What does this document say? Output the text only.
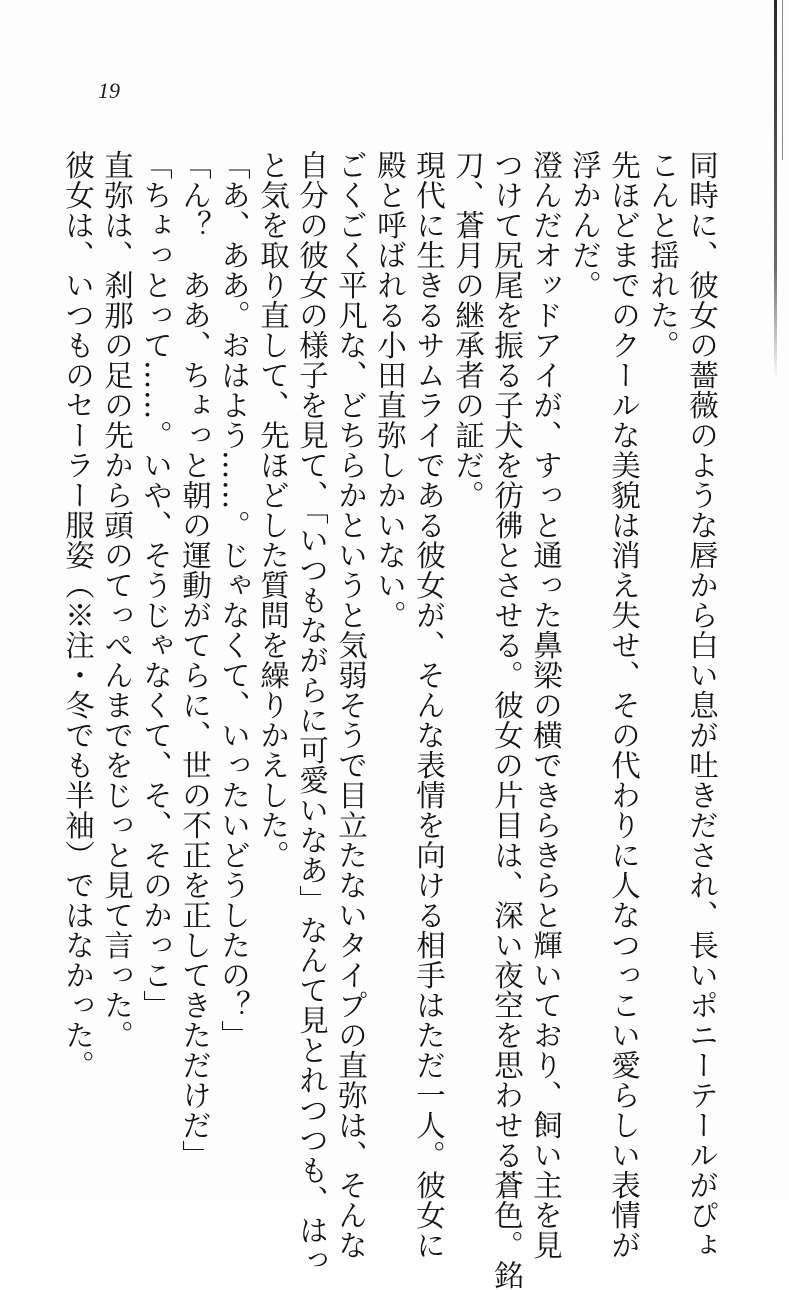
19
同時に、彼女の薔薇のような唇から白い息が吐きだされ、長いポニーテールがぴょ
こんと揺れた。
先ほどまでのクールな美貌は消え失せ、その代わりに人なつっこい愛らしい表情が
浮かんだ。
澄んだオッドアイが、すっと通った鼻梁の横できらきらと輝いており、飼い主を見
つけて尻尾を振る子犬を彷彿とさせる。彼女の片目は、深い夜空を思わせる蒼色。銘
刀、蒼月の継承者の証だ。
現代に生きるサムライである彼女が、そんな表情を向ける相手はただ一人。彼女に
殿と呼ばれる小田直弥しかいない。
ごくごく平凡な、どちらかというと気弱そうで目立たないタイプの直弥は、そんな
自分の彼女の様子を見て、「いつもながらに可愛いなあ」なんて見とれつつも、はっ
と気を取り直して、先ほどした質問を繰りかえした。
「あ、ああ。おはよう……。じゃなくて、いったいどうしたの？」
「ん？　ああ、ちょっと朝の運動がてらに、世の不正を正してきただけだ」
「ちょっとって……。いや、そうじゃなくて、そ、そのかっこ」
直弥は、刹那の足の先から頭のてっぺんまでをじっと見て言った。
彼女は、いつものセーラー服姿（※注・冬でも半袖）ではなかった。
